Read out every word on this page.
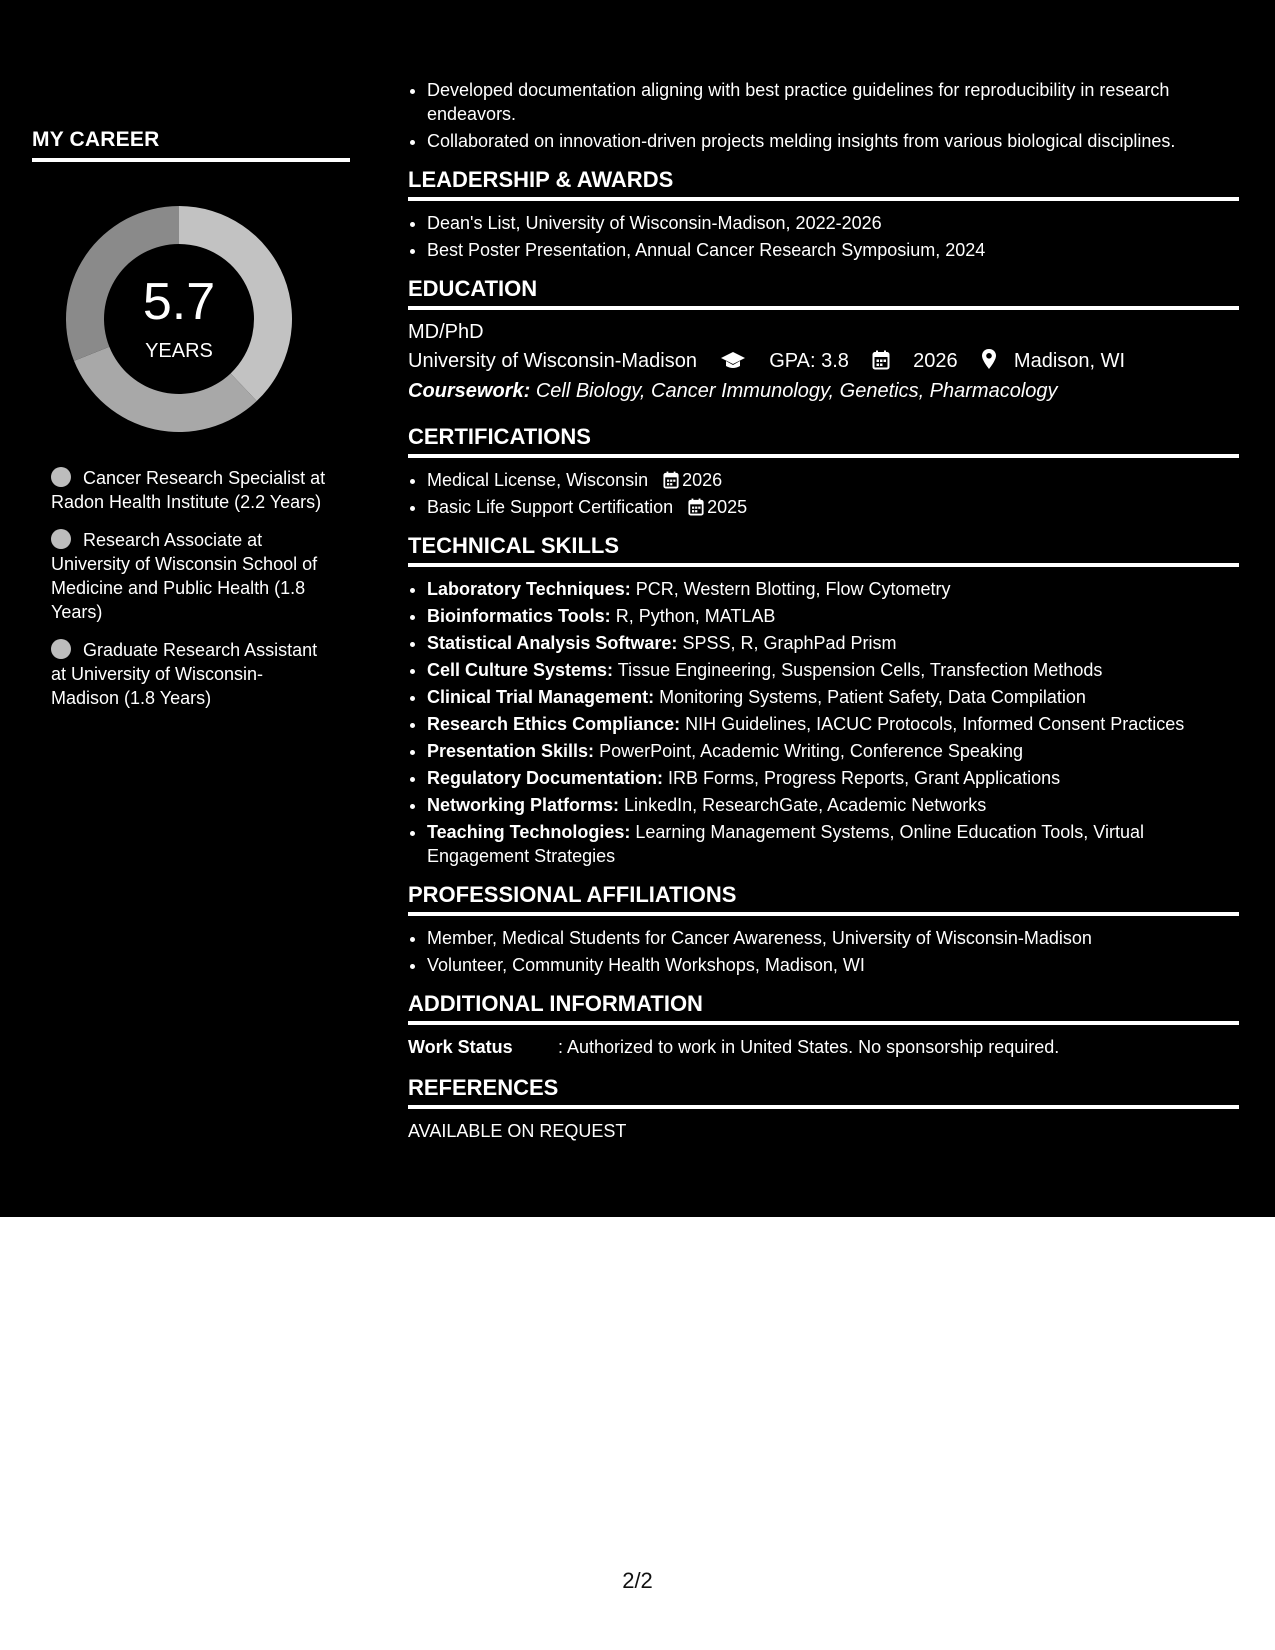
MY CAREER
5.7
YEARS
Cancer Research Specialist at Radon Health Institute (2.2 Years)
Research Associate at University of Wisconsin School of Medicine and Public Health (1.8 Years)
Graduate Research Assistant at University of Wisconsin-Madison (1.8 Years)
• Developed documentation aligning with best practice guidelines for reproducibility in research endeavors.
• Collaborated on innovation-driven projects melding insights from various biological disciplines.
LEADERSHIP & AWARDS
• Dean's List, University of Wisconsin-Madison, 2022-2026
• Best Poster Presentation, Annual Cancer Research Symposium, 2024
EDUCATION
MD/PhD
University of Wisconsin-Madison	GPA: 3.8	2026	Madison, WI
Coursework: Cell Biology, Cancer Immunology, Genetics, Pharmacology
CERTIFICATIONS
• Medical License, Wisconsin 2026
• Basic Life Support Certification 2025
TECHNICAL SKILLS
• Laboratory Techniques: PCR, Western Blotting, Flow Cytometry
• Bioinformatics Tools: R, Python, MATLAB
• Statistical Analysis Software: SPSS, R, GraphPad Prism
• Cell Culture Systems: Tissue Engineering, Suspension Cells, Transfection Methods
• Clinical Trial Management: Monitoring Systems, Patient Safety, Data Compilation
• Research Ethics Compliance: NIH Guidelines, IACUC Protocols, Informed Consent Practices
• Presentation Skills: PowerPoint, Academic Writing, Conference Speaking
• Regulatory Documentation: IRB Forms, Progress Reports, Grant Applications
• Networking Platforms: LinkedIn, ResearchGate, Academic Networks
• Teaching Technologies: Learning Management Systems, Online Education Tools, Virtual Engagement Strategies
PROFESSIONAL AFFILIATIONS
• Member, Medical Students for Cancer Awareness, University of Wisconsin-Madison
• Volunteer, Community Health Workshops, Madison, WI
ADDITIONAL INFORMATION
Work Status	: Authorized to work in United States. No sponsorship required.
REFERENCES
AVAILABLE ON REQUEST
2/2
